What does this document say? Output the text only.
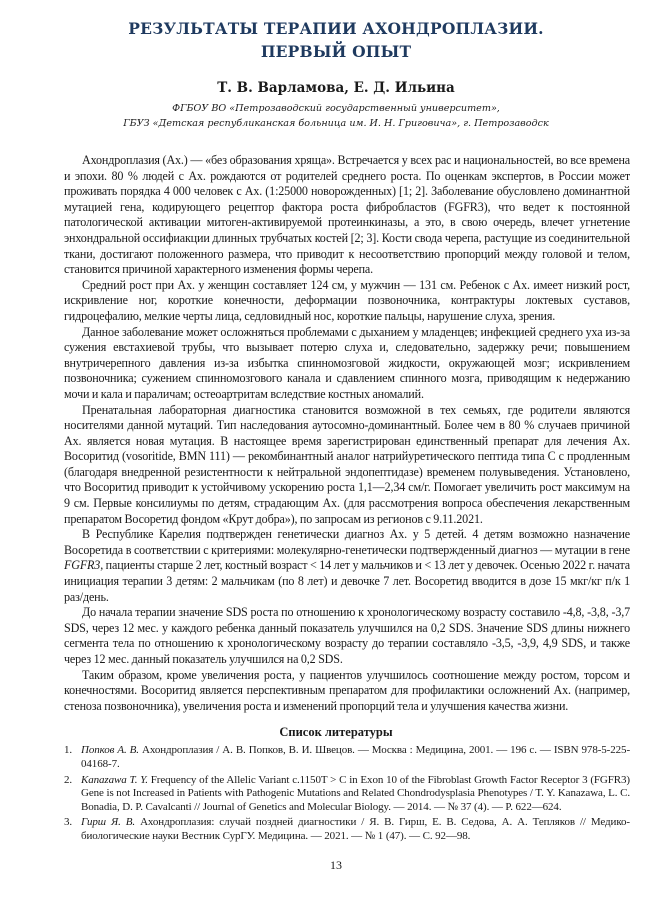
РЕЗУЛЬТАТЫ ТЕРАПИИ АХОНДРОПЛАЗИИ.
ПЕРВЫЙ ОПЫТ
Т. В. Варламова, Е. Д. Ильина
ФГБОУ ВО «Петрозаводский государственный университет»,
ГБУЗ «Детская республиканская больница им. И. Н. Григовича», г. Петрозаводск

Ахондроплазия (Ах.) — «без образования хряща». Встречается у всех рас и национальностей, во все времена и эпохи. 80 % людей с Ах. рождаются от родителей среднего роста. По оценкам экспертов, в России может проживать порядка 4 000 человек с Ах. (1:25000 новорожденных) [1; 2]. Заболевание обусловлено доминантной мутацией гена, кодирующего рецептор фактора роста фибробластов (FGFR3), что ведет к постоянной патологической активации митоген-активируемой протеинкиназы, а это, в свою очередь, влечет угнетение энхондральной оссифиакции длинных трубчатых костей [2; 3]. Кости свода черепа, растущие из соединительной ткани, достигают положенного размера, что приводит к несоответствию пропорций между головой и телом, становится причиной характерного изменения формы черепа.

Средний рост при Ах. у женщин составляет 124 см, у мужчин — 131 см. Ребенок с Ах. имеет низкий рост, искривление ног, короткие конечности, деформации позвоночника, контрактуры локтевых суставов, гидроцефалию, мелкие черты лица, седловидный нос, короткие пальцы, нарушение слуха, зрения.

Данное заболевание может осложняться проблемами с дыханием у младенцев; инфекцией среднего уха из-за сужения евстахиевой трубы, что вызывает потерю слуха и, следовательно, задержку речи; повышением внутричерепного давления из-за избытка спинномозговой жидкости, окружающей мозг; искривлением позвоночника; сужением спинномозгового канала и сдавлением спинного мозга, приводящим к недержанию мочи и кала и параличам; остеоартритам вследствие костных аномалий.

Пренатальная лабораторная диагностика становится возможной в тех семьях, где родители являются носителями данной мутаций. Тип наследования аутосомно-доминантный. Более чем в 80 % случаев причиной Ах. является новая мутация. В настоящее время зарегистрирован единственный препарат для лечения Ах. Восоритид (vosoritide, BMN 111) — рекомбинантный аналог натрийуретического пептида типа С с продленным (благодаря внедренной резистентности к нейтральной эндопептидазе) временем полувыведения. Установлено, что Восоритид приводит к устойчивому ускорению роста 1,1—2,34 см/г. Помогает увеличить рост максимум на 9 см. Первые консилиумы по детям, страдающим Ах. (для рассмотрения вопроса обеспечения лекарственным препаратом Восоретид фондом «Крут добра»), по запросам из регионов с 9.11.2021.

В Республике Карелия подтвержден генетически диагноз Ах. у 5 детей. 4 детям возможно назначение Восоретида в соответствии с критериями: молекулярно-генетически подтвержденный диагноз — мутации в гене FGFR3, пациенты старше 2 лет, костный возраст < 14 лет у мальчиков и < 13 лет у девочек. Осенью 2022 г. начата инициация терапии 3 детям: 2 мальчикам (по 8 лет) и девочке 7 лет. Восоретид вводится в дозе 15 мкг/кг п/к 1 раз/день.

До начала терапии значение SDS роста по отношению к хронологическому возрасту составило -4,8, -3,8, -3,7 SDS, через 12 мес. у каждого ребенка данный показатель улучшился на 0,2 SDS. Значение SDS длины нижнего сегмента тела по отношению к хронологическому возрасту до терапии составляло -3,5, -3,9, 4,9 SDS, и также через 12 мес. данный показатель улучшился на 0,2 SDS.

Таким образом, кроме увеличения роста, у пациентов улучшилось соотношение между ростом, торсом и конечностями. Восоритид является перспективным препаратом для профилактики осложнений Ах. (например, стеноза позвоночника), увеличения роста и изменений пропорций тела и улучшения качества жизни.

Список литературы
1. Попков А. В. Ахондроплазия / А. В. Попков, В. И. Швецов. — Москва : Медицина, 2001. — 196 с. — ISBN 978-5-225-04168-7.
2. Kanazawa T. Y. Frequency of the Allelic Variant c.1150T > C in Exon 10 of the Fibroblast Growth Factor Receptor 3 (FGFR3) Gene is not Increased in Patients with Pathogenic Mutations and Related Chondrodysplasia Phenotypes / T. Y. Kanazawa, L. C. Bonadia, D. P. Cavalcanti // Journal of Genetics and Molecular Biology. — 2014. — № 37 (4). — P. 622—624.
3. Гирш Я. В. Ахондроплазия: случай поздней диагностики / Я. В. Гирш, Е. В. Седова, А. А. Тепляков // Медико-биологические науки Вестник СурГУ. Медицина. — 2021. — № 1 (47). — С. 92—98.
13
